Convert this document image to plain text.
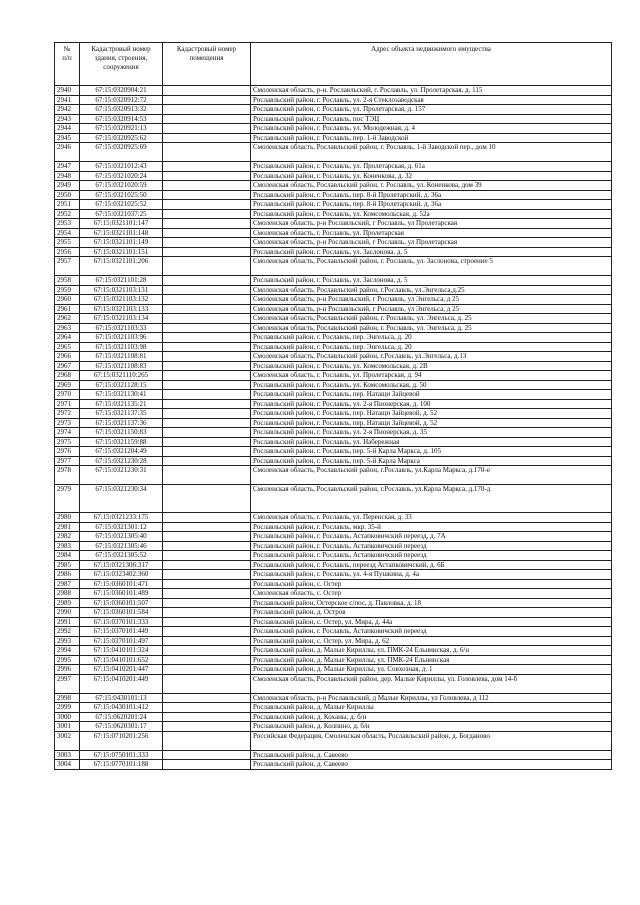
№
п/п	Кадастровый номер здания, строения, сооружения	Кадастровый номер помещения	Адрес объекта недвижимого имущества
2940	67:15:0320904:21		Смоленская область, р-н. Рославльский, г. Рославль, ул. Пролетарская, д. 115
2941	67:15:0320912:72		Рославльский район, г. Рославль, ул. 2-я Стеклозаводская
2942	67:15:0320913:32		Рославльский район, г. Рославль, ул. Пролетарская, д. 157
2943	67:15:0320914:53		Рославльский район, г. Рославль, пос ТЭЦ
2944	67:15:0320921:13		Рославльский район, г. Рославль, ул. Молодежная, д. 4
2945	67:15:0320925:62		Рославльский район, г. Рославль, пер. 1-й Заводской
2946	67:15:0320925:69		Смоленская область, Рославльский район, г. Рославль, 1-й Заводской пер., дом 10
2947	67:15:0321012:43		Рославльский район, г. Рославль, ул. Пролетарская, д. 61а
2948	67:15:0321020:24		Рославльский район, г. Рославль, ул. Коненкова, д. 32
2949	67:15:0321020:59		Смоленская область, Рославльский район, г. Рославль, ул. Коненкова, дом 39
2950	67:15:0321025:50		Рославльский район, г. Рославль, пер. 8-й Пролетарский, д. 36а
2951	67:15:0321025:52		Рославльский район, г. Рославль, пер. 8-й Пролетарский, д. 36а
2952	67:15:0321037:25		Рославльский район, г. Рославль, ул. Комсомольская, д. 52а
2953	67:15:0321101:147		Смоленская область, р-н Рославльский, г Рославль, ул Пролетарская
2954	67:15:0321101:148		Смоленская область, г. Рославль, ул. Пролетарская
2955	67:15:0321101:149		Смоленская область, р-н Рославльский, г Рославль, ул Пролетарская
2956	67:15:0321101:151		Рославльский район, г. Рославль, ул. Заслонова, д. 5
2957	67:15:0321101:206		Смоленская область, Рославльский район, г. Рославль, ул. Заслонова, строение 5
2958	67:15:0321101:28		Рославльский район, г. Рославль, ул. Заслонова, д. 5
2959	67:15:0321103:131		Смоленская область, Рославльский район, г.Рославль, ул.Энгельса,д.25
2960	67:15:0321103:132		Смоленская область, р-н Рославльский, г Рославль, ул Энгельса, д 25
2961	67:15:0321103:133		Смоленская область, р-н Рославльский, г Рославль, ул Энгельса, д 25
2962	67:15:0321103:134		Смоленская область, Рославльский район, г. Рославль, ул. Энгельса, д. 25
2963	67:15:0321103:33		Смоленская область, Рославльский район, г. Рославль, ул. Энгельса, д. 25
2964	67:15:0321103:96		Рославльский район, г. Рославль, пер. Энгельса, д. 20
2965	67:15:0321103:98		Рославльский район, г. Рославль, пер. Энгельса, д. 20
2966	67:15:0321108:81		Смоленская область, Рославльский район, г.Рославль, ул.Энгельса, д.13
2967	67:15:0321108:83		Рославльский район, г. Рославль, ул. Комсомольская, д. 2В
2968	67:15:0321110:265		Смоленская область, г. Рославль, ул. Пролетарская, д. 94
2969	67:15:0321128:15		Рославльский район, г. Рославль, ул. Комсомольская, д. 50
2970	67:15:0321130:41		Рославльский район, г. Рославль, пер. Натащи Зайцевой
2971	67:15:0321135:21		Рославльский район, г. Рославль, ул. 2-я Пионерская, д. 100
2972	67:15:0321137:35		Рославльский район, г. Рославль, пер. Натащи Зайцевой, д. 52
2973	67:15:0321137:36		Рославльский район, г. Рославль, пер. Натащи Зайцевой, д. 52
2974	67:15:0321150:83		Рославльский район, г. Рославль, ул. 2-я Пионерская, д. 35
2975	67:15:0321159:88		Рославльский район, г. Рославль, ул. Набережная
2976	67:15:0321204:49		Рославльский район, г. Рославль, пер. 5-й Карла Маркса, д. 105
2977	67:15:0321230:28		Рославльский район, г. Рославль, пер. 5-й Карла Маркса
2978	67:15:0321230:31		Смоленская область, Рославльский район, г.Рославль, ул.Карла Маркса, д.170-е
2979	67:15:0321230:34		Смоленская область, Рославльский район, г.Рославль, ул.Карла Маркса, д.170-д
2980	67:15:0321233:175		Смоленская область, г. Рославль, ул. Перенская, д. 33
2981	67:15:0321301:12		Рославльский район, г. Рославль, мкр. 35-й
2982	67:15:0321305:40		Рославльский район, г. Рославль, Астапковичский переезд, д. 7А
2983	67:15:0321305:46		Рославльский район, г. Рославль, Астапковичский переезд
2984	67:15:0321305:52		Рославльский район, г. Рославль, Астапковичский переезд
2985	67:15:0321306:317		Рославльский район, г. Рославль, переезд Астапковичский, д. 6Б
2986	67:15:0323402:360		Рославльский район, г. Рославль, ул. 4-я Пушкина, д. 4а
2987	67:15:0360101:471		Рославльский район, с. Остер
2988	67:15:0360101:489		Смоленская область, с. Остер
2989	67:15:0360101:507		Рославльский район, Остерское с/пос, д. Павловка, д. 18
2990	67:15:0360101:584		Рославльский район, д. Остров
2991	67:15:0370101:333		Рославльский район, с. Остер, ул. Мира, д. 44а
2992	67:15:0370101:449		Рославльский район, г. Рославль, Астапковичский переезд
2993	67:15:0370101:497		Рославльский район, с. Остер, ул. Мира, д. 62
2994	67:15:0410101:324		Рославльский район, д. Малые Кириллы, ул. ПМК-24 Ельнинская, д. 6/н
2995	67:15:0410101:652		Рославльский район, д. Малые Кириллы, ул. ПМК-24 Ельнинская
2996	67:15:0410201:447		Рославльский район, д. Малые Кириллы, ул. Совхозная, д. 1
2997	67:15:0410201:449		Смоленская область, Рославльский район, дер. Малые Кириллы, ул. Головлева, дом 14-б
2998	67:15:0430101:13		Смоленская область, р-н Рославльский, д Малые Кириллы, ул Головлева, д 112
2999	67:15:0430101:412		Рославльский район, д. Малые Кириллы
3000	67:15:0620201:24		Рославльский район, д. Коханы, д. б/н
3001	67:15:0620301:17		Рославльский район, д. Колпино, д. б/н
3002	67:15:0710201:256		Российская Федерация, Смоленская область, Рославльский район, д. Богданово
3003	67:15:0750101:333		Рославльский район, д. Савеево
3004	67:15:0770101:188		Рославльский район, д. Савеево
